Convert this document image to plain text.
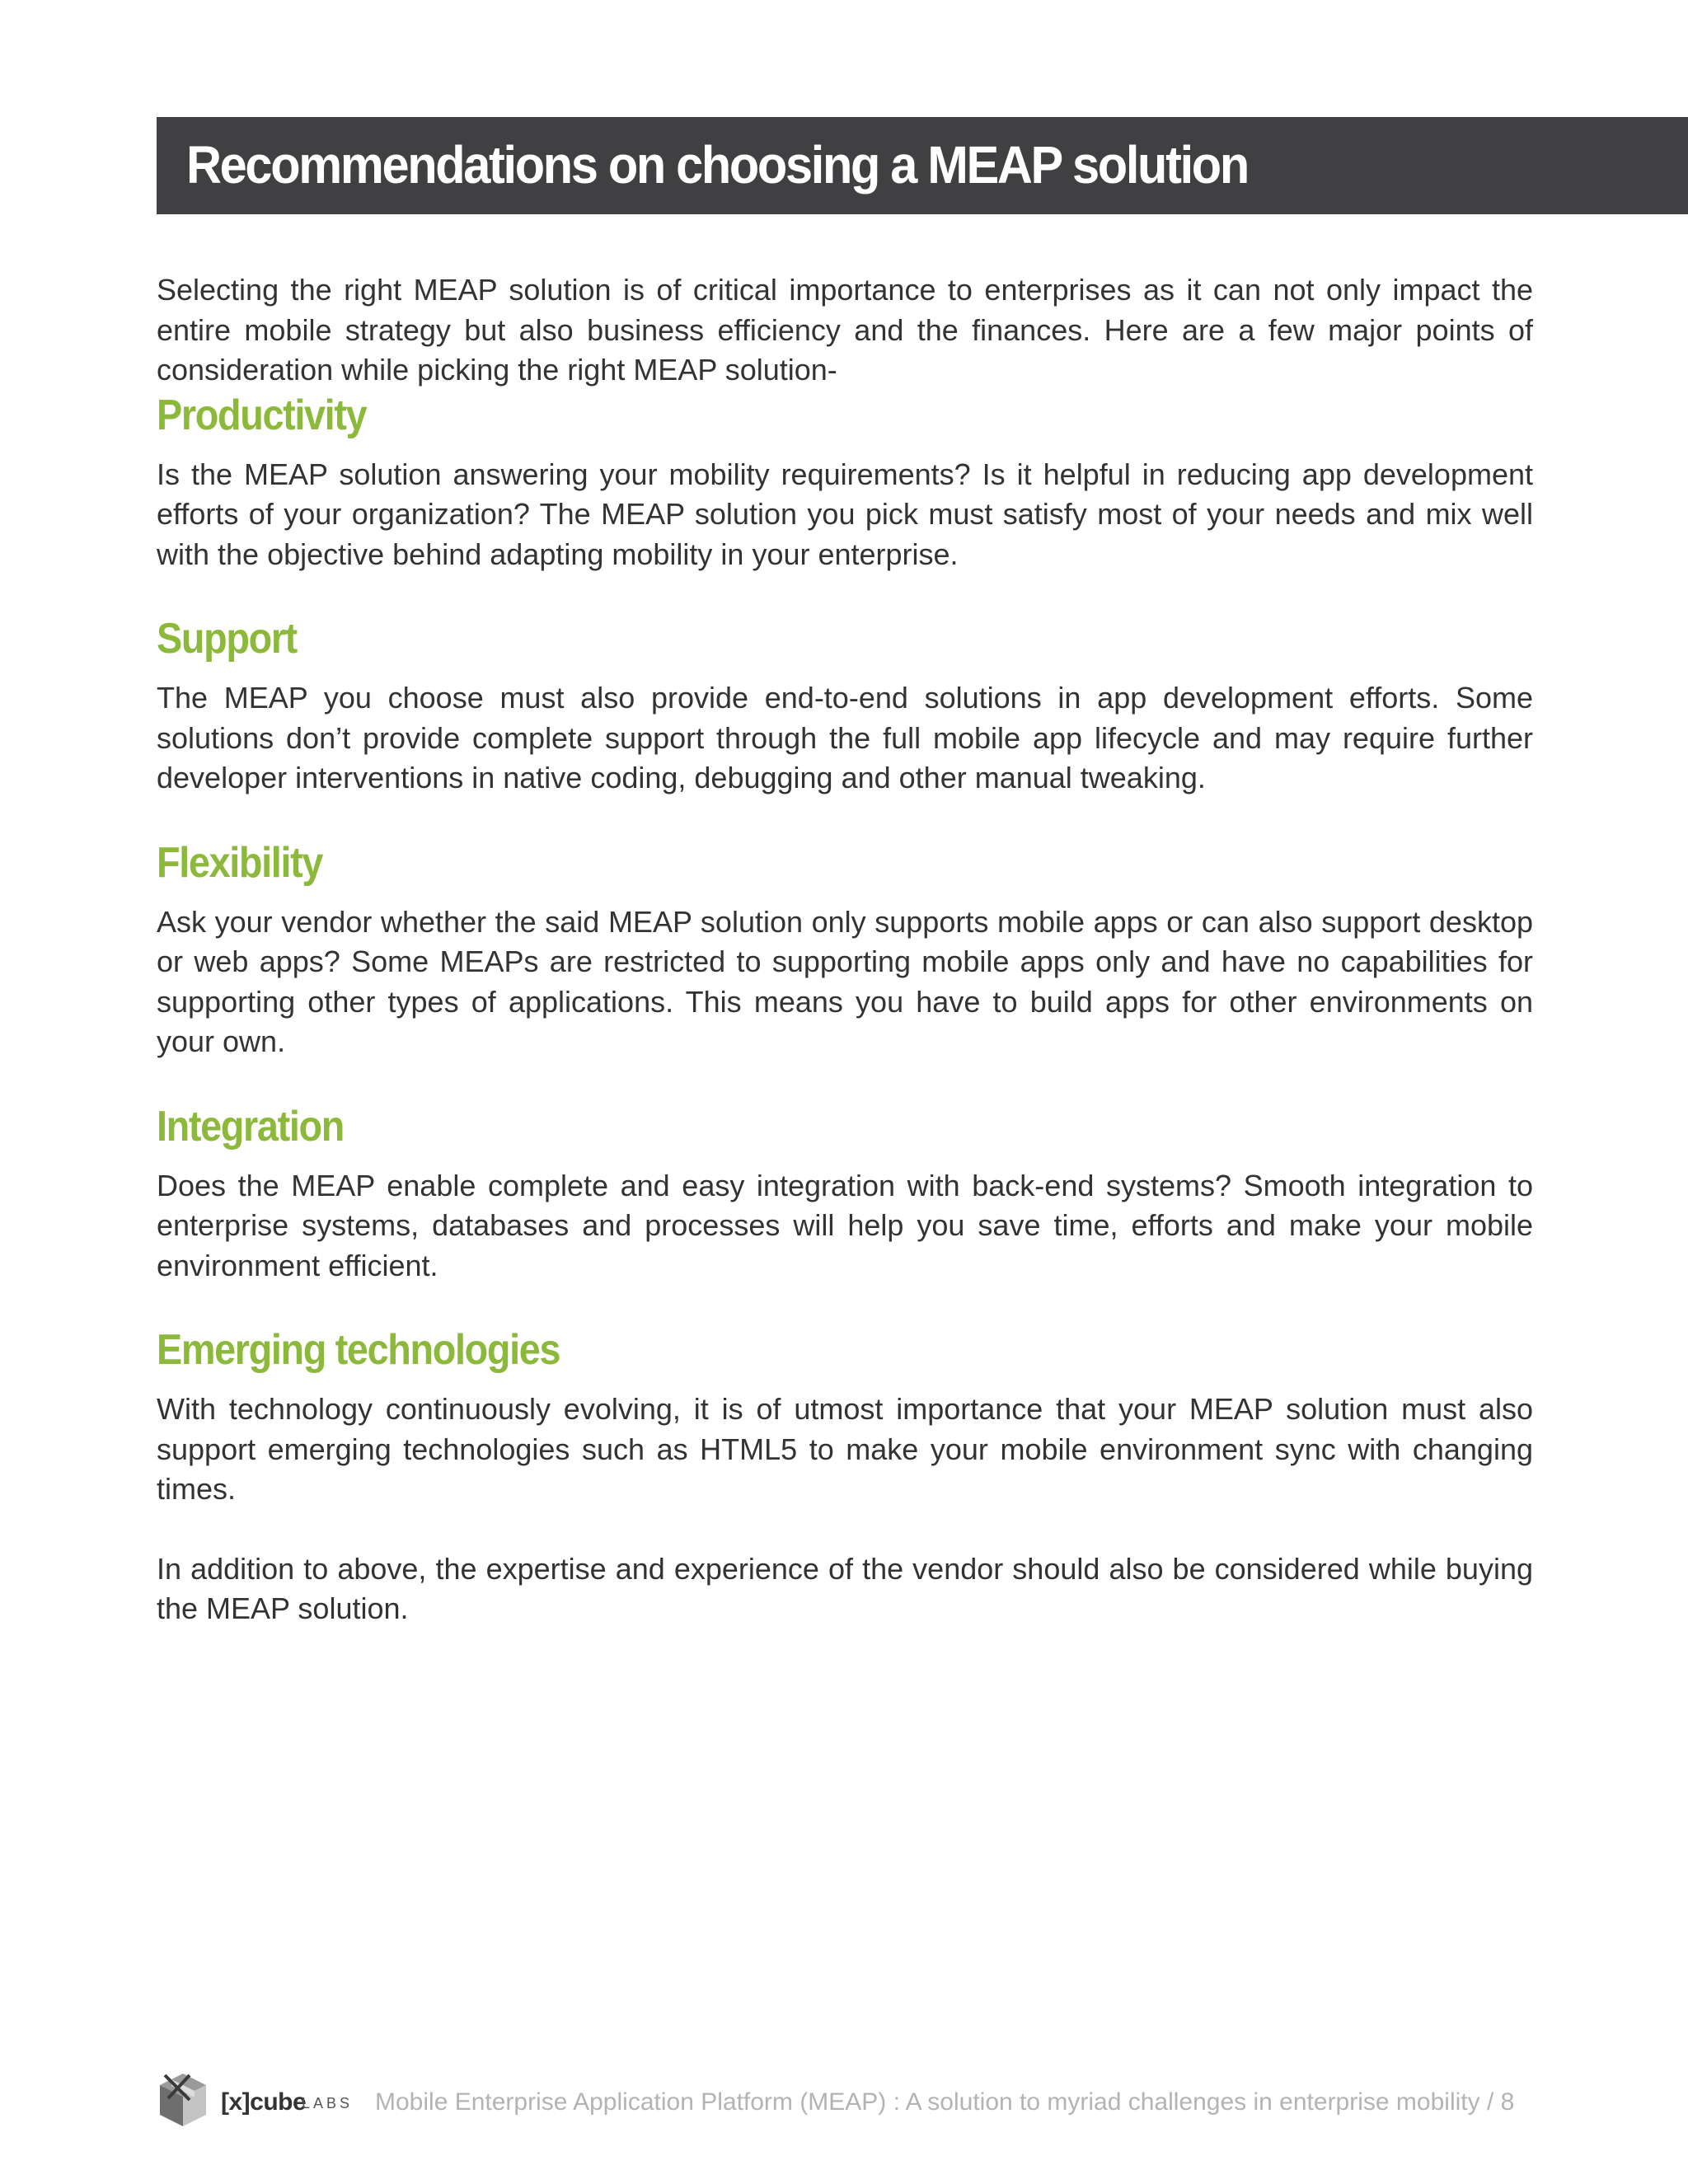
Recommendations on choosing a MEAP solution

Selecting the right MEAP solution is of critical importance to enterprises as it can not only impact the entire mobile strategy but also business efficiency and the finances. Here are a few major points of consideration while picking the right MEAP solution-

Productivity

Is the MEAP solution answering your mobility requirements? Is it helpful in reducing app development efforts of your organization? The MEAP solution you pick must satisfy most of your needs and mix well with the objective behind adapting mobility in your enterprise.

Support

The MEAP you choose must also provide end-to-end solutions in app development efforts. Some solutions don’t provide complete support through the full mobile app lifecycle and may require further developer interventions in native coding, debugging and other manual tweaking.

Flexibility

Ask your vendor whether the said MEAP solution only supports mobile apps or can also support desktop or web apps? Some MEAPs are restricted to supporting mobile apps only and have no capabilities for supporting other types of applications. This means you have to build apps for other environments on your own.

Integration

Does the MEAP enable complete and easy integration with back-end systems? Smooth integration to enterprise systems, databases and processes will help you save time, efforts and make your mobile environment efficient.

Emerging technologies

With technology continuously evolving, it is of utmost importance that your MEAP solution must also support emerging technologies such as HTML5 to make your mobile environment sync with changing times.

In addition to above, the expertise and experience of the vendor should also be considered while buying the MEAP solution.

[x]cube
LABS Mobile Enterprise Application Platform (MEAP) : A solution to myriad challenges in enterprise mobility / 8
